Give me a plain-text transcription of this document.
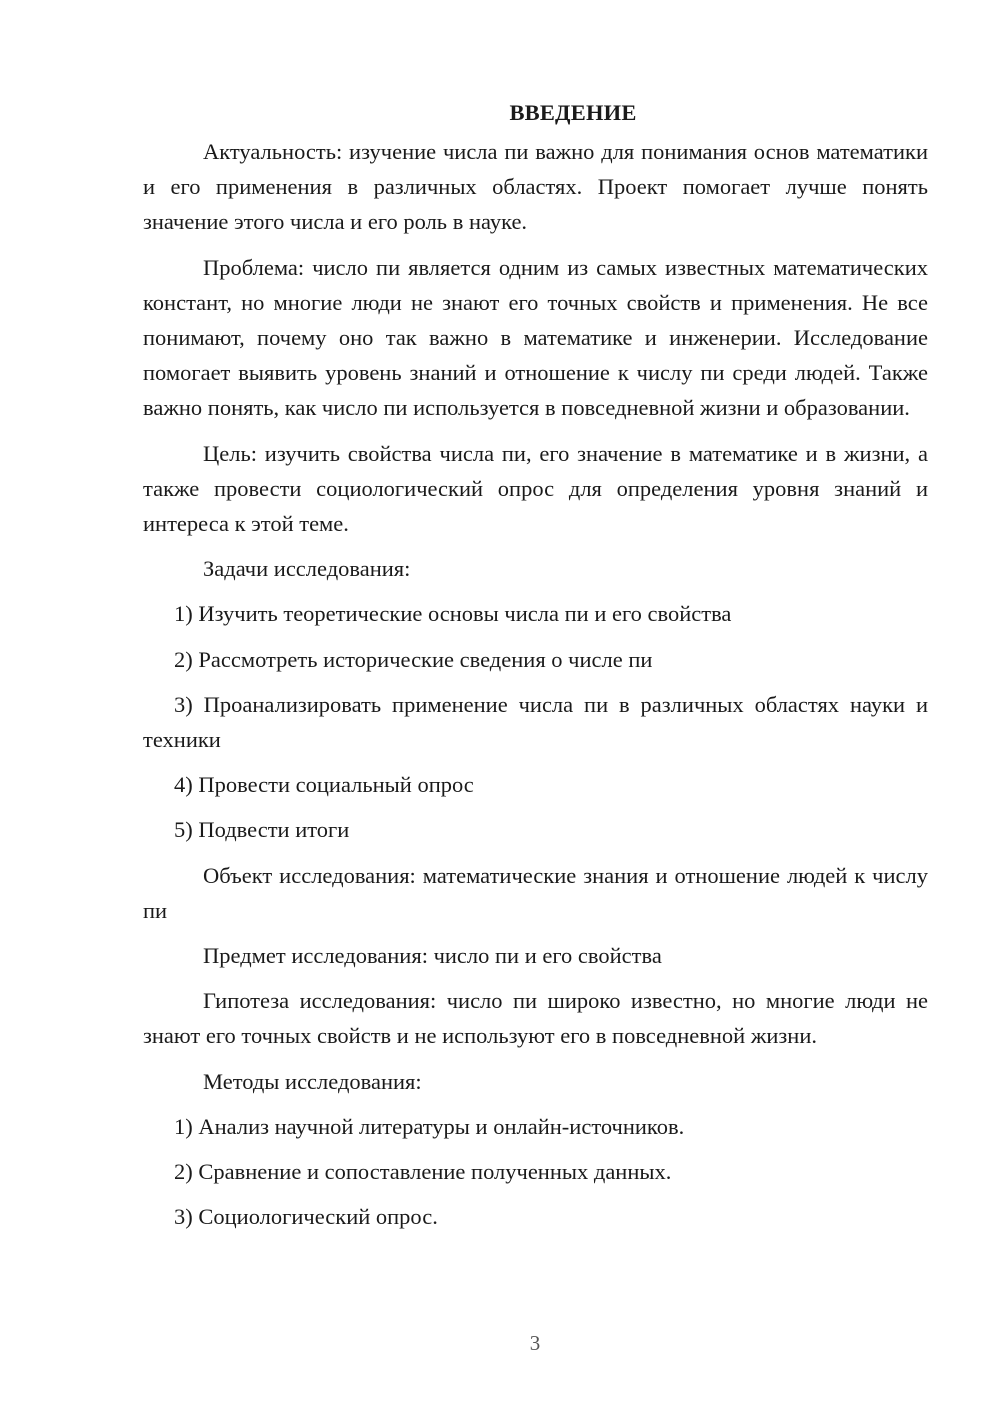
ВВЕДЕНИЕ

Актуальность: изучение числа пи важно для понимания основ математики и его применения в различных областях. Проект помогает лучше понять значение этого числа и его роль в науке.

Проблема: число пи является одним из самых известных математических констант, но многие люди не знают его точных свойств и применения. Не все понимают, почему оно так важно в математике и инженерии. Исследование помогает выявить уровень знаний и отношение к числу пи среди людей. Также важно понять, как число пи используется в повседневной жизни и образовании.

Цель: изучить свойства числа пи, его значение в математике и в жизни, а также провести социологический опрос для определения уровня знаний и интереса к этой теме.

Задачи исследования:

1) Изучить теоретические основы числа пи и его свойства

2) Рассмотреть исторические сведения о числе пи

3) Проанализировать применение числа пи в различных областях науки и техники

4) Провести социальный опрос

5) Подвести итоги

Объект исследования: математические знания и отношение людей к числу пи

Предмет исследования: число пи и его свойства

Гипотеза исследования: число пи широко известно, но многие люди не знают его точных свойств и не используют его в повседневной жизни.

Методы исследования:

1) Анализ научной литературы и онлайн-источников.

2) Сравнение и сопоставление полученных данных.

3) Социологический опрос.

3
